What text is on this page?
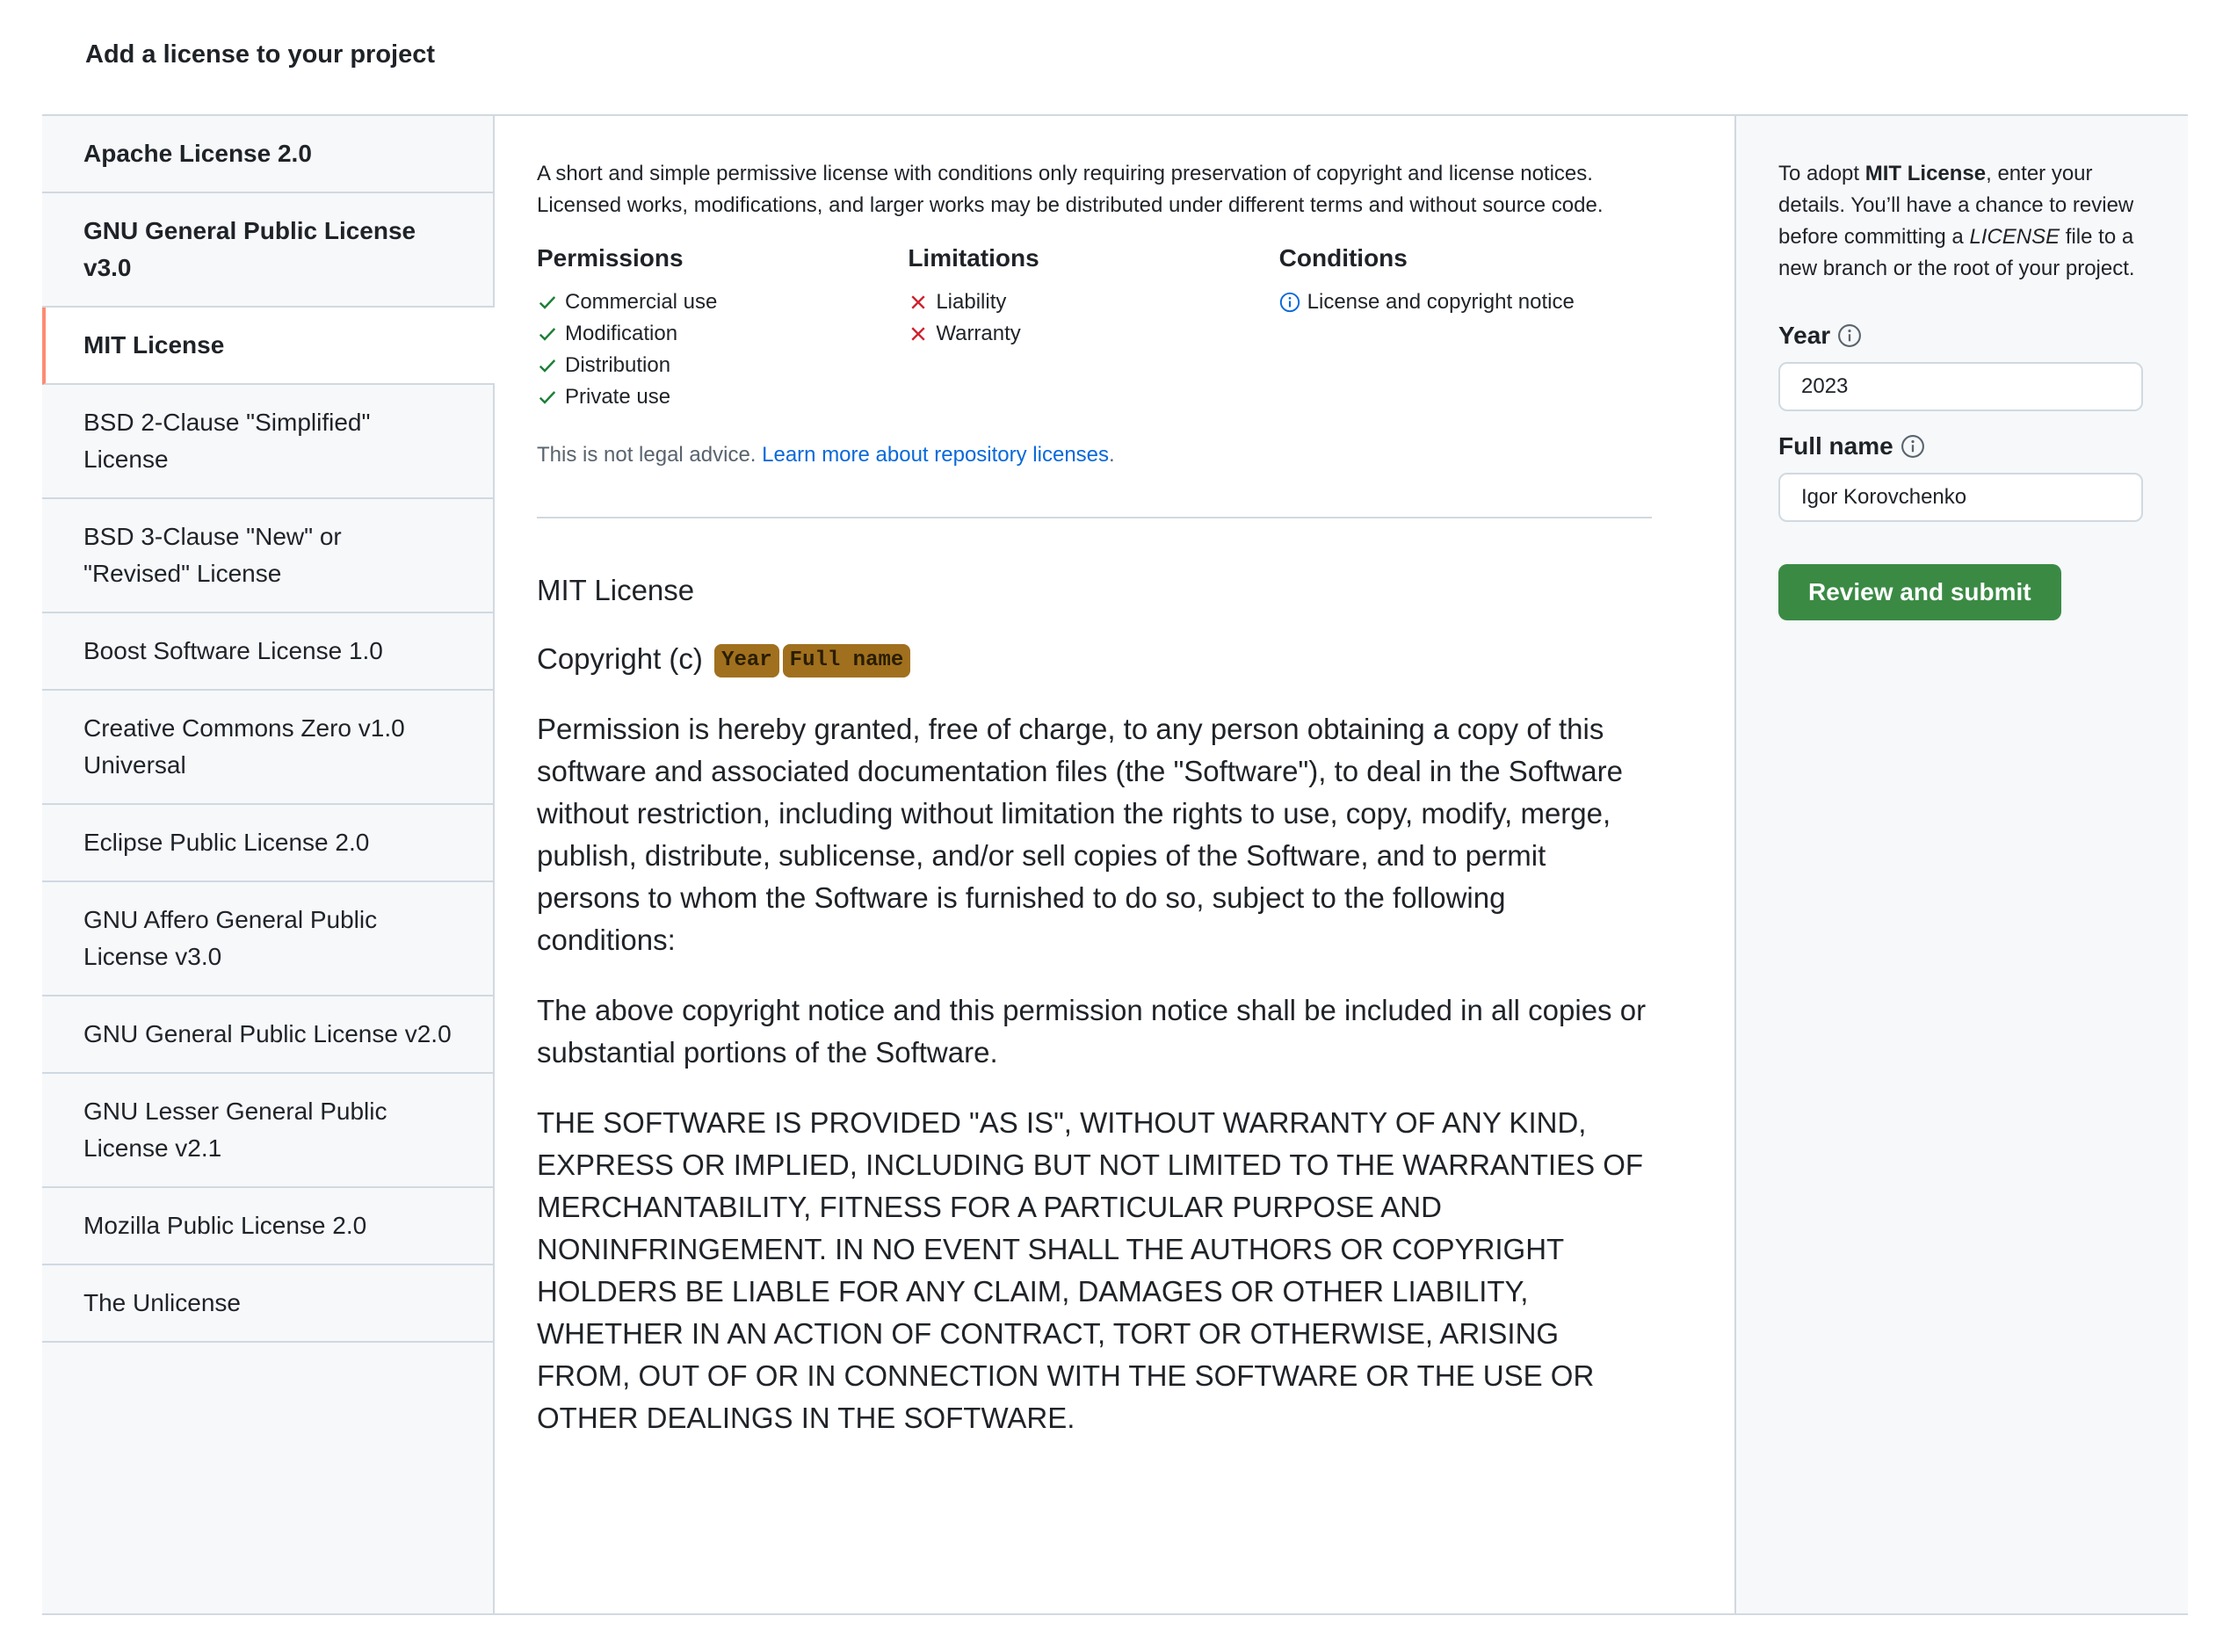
Add a license to your project
Apache License 2.0
GNU General Public License v3.0
MIT License
BSD 2-Clause "Simplified" License
BSD 3-Clause "New" or "Revised" License
Boost Software License 1.0
Creative Commons Zero v1.0 Universal
Eclipse Public License 2.0
GNU Affero General Public License v3.0
GNU General Public License v2.0
GNU Lesser General Public License v2.1
Mozilla Public License 2.0
The Unlicense

A short and simple permissive license with conditions only requiring preservation of copyright and license notices. Licensed works, modifications, and larger works may be distributed under different terms and without source code.

Permissions
Commercial use
Modification
Distribution
Private use
Limitations
Liability
Warranty
Conditions
License and copyright notice
This is not legal advice. Learn more about repository licenses.

MIT License

Copyright (c) Year Full name

Permission is hereby granted, free of charge, to any person obtaining a copy of this software and associated documentation files (the "Software"), to deal in the Software without restriction, including without limitation the rights to use, copy, modify, merge, publish, distribute, sublicense, and/or sell copies of the Software, and to permit persons to whom the Software is furnished to do so, subject to the following conditions:

The above copyright notice and this permission notice shall be included in all copies or substantial portions of the Software.

THE SOFTWARE IS PROVIDED "AS IS", WITHOUT WARRANTY OF ANY KIND, EXPRESS OR IMPLIED, INCLUDING BUT NOT LIMITED TO THE WARRANTIES OF MERCHANTABILITY, FITNESS FOR A PARTICULAR PURPOSE AND NONINFRINGEMENT. IN NO EVENT SHALL THE AUTHORS OR COPYRIGHT HOLDERS BE LIABLE FOR ANY CLAIM, DAMAGES OR OTHER LIABILITY, WHETHER IN AN ACTION OF CONTRACT, TORT OR OTHERWISE, ARISING FROM, OUT OF OR IN CONNECTION WITH THE SOFTWARE OR THE USE OR OTHER DEALINGS IN THE SOFTWARE.

To adopt MIT License, enter your details. You’ll have a chance to review before committing a LICENSE file to a new branch or the root of your project.

Year
2023
Full name
Igor Korovchenko Review and submit
